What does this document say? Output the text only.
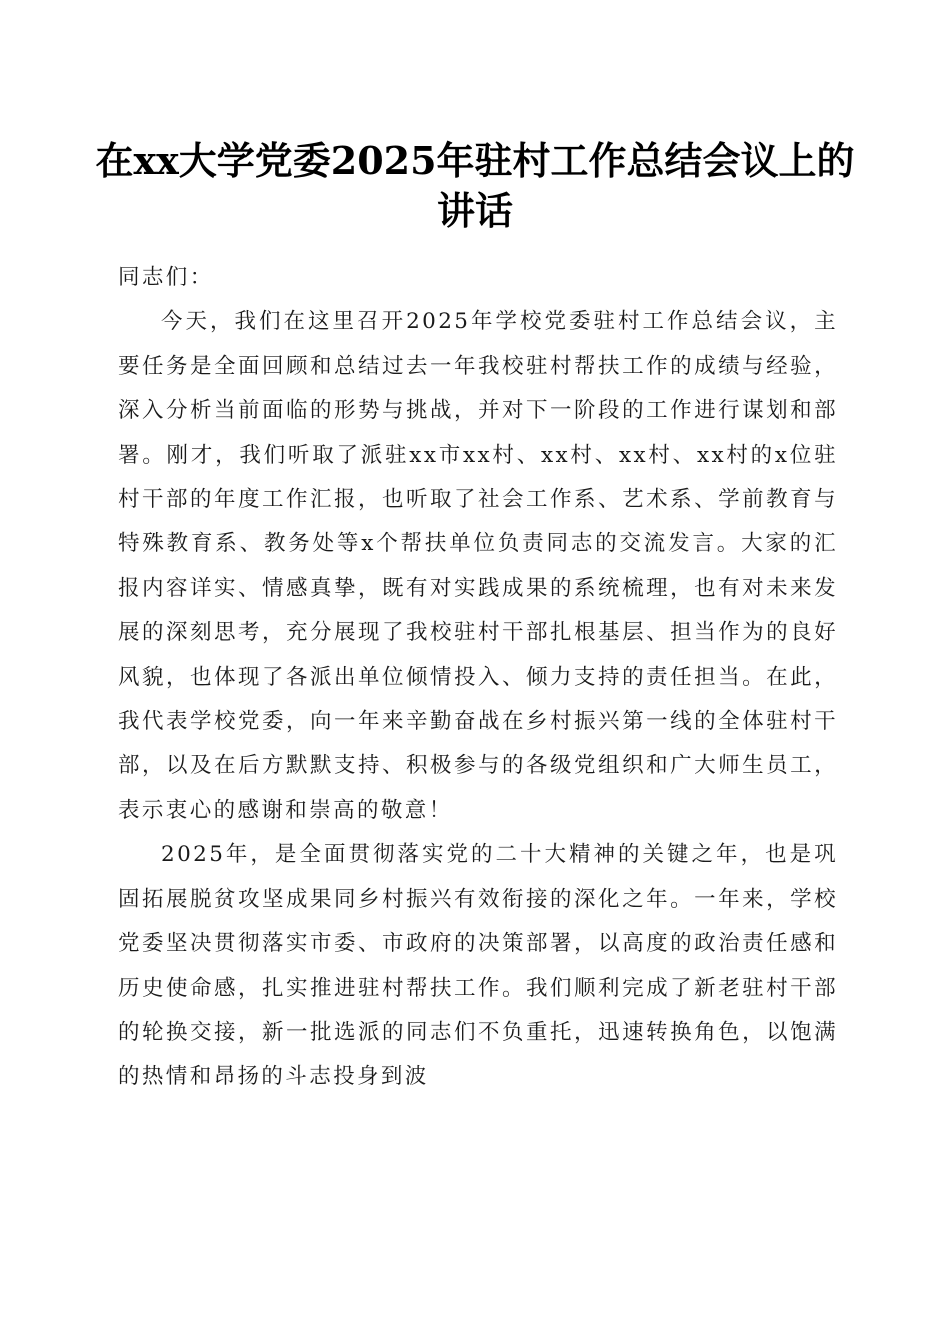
在xx大学党委2025年驻村工作总结会议上的
讲话

同志们：

今天，我们在这里召开2025年学校党委驻村工作总结会议，主要任务是全面回顾和总结过去一年我校驻村帮扶工作的成绩与经验，深入分析当前面临的形势与挑战，并对下一阶段的工作进行谋划和部署。刚才，我们听取了派驻xx市xx村、xx村、xx村、xx村的x位驻村干部的年度工作汇报，也听取了社会工作系、艺术系、学前教育与特殊教育系、教务处等x个帮扶单位负责同志的交流发言。大家的汇报内容详实、情感真挚，既有对实践成果的系统梳理，也有对未来发展的深刻思考，充分展现了我校驻村干部扎根基层、担当作为的良好风貌，也体现了各派出单位倾情投入、倾力支持的责任担当。在此，我代表学校党委，向一年来辛勤奋战在乡村振兴第一线的全体驻村干部，以及在后方默默支持、积极参与的各级党组织和广大师生员工，表示衷心的感谢和崇高的敬意！

2025年，是全面贯彻落实党的二十大精神的关键之年，也是巩固拓展脱贫攻坚成果同乡村振兴有效衔接的深化之年。一年来，学校党委坚决贯彻落实市委、市政府的决策部署，以高度的政治责任感和历史使命感，扎实推进驻村帮扶工作。我们顺利完成了新老驻村干部的轮换交接，新一批选派的同志们不负重托，迅速转换角色，以饱满的热情和昂扬的斗志投身到波
